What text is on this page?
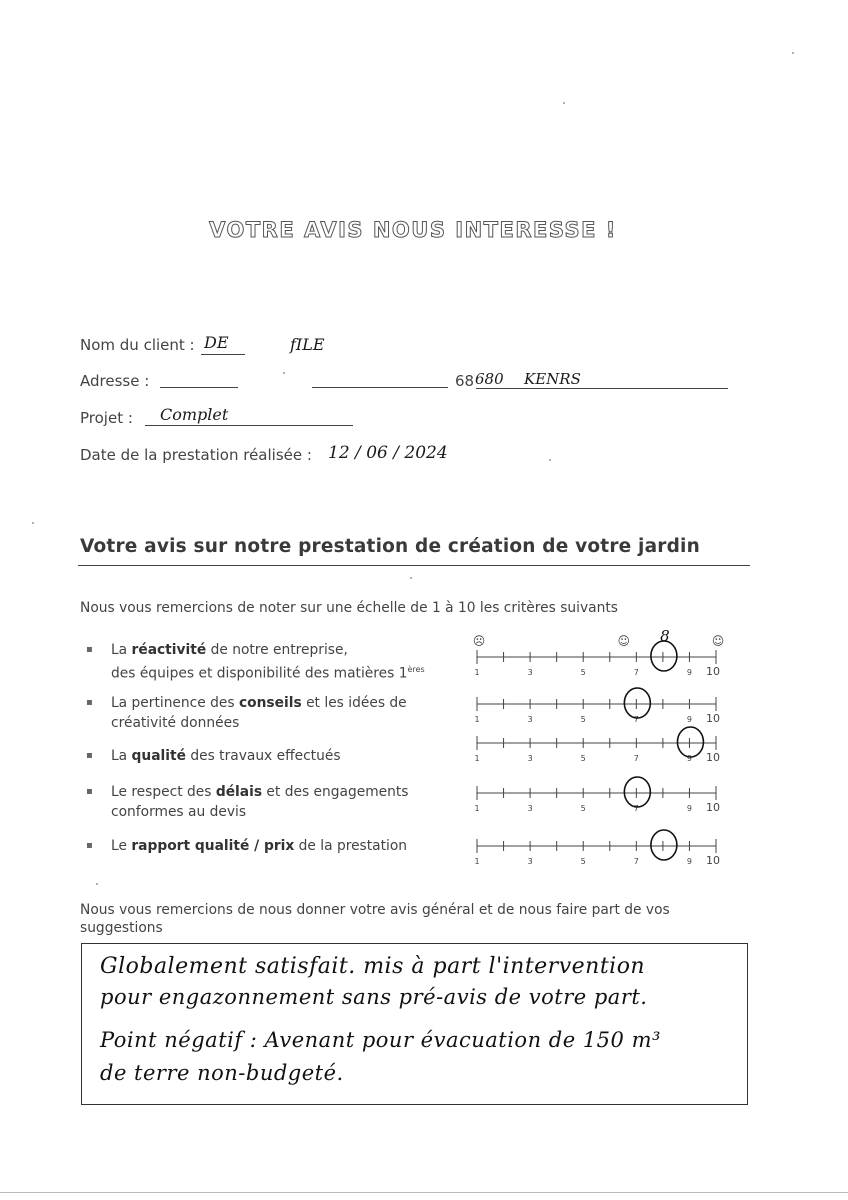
VOTRE AVIS NOUS INTERESSE !
Nom du client : DE	fILE
Adresse :	68 680 KENRS
Projet : Complet
Date de la prestation réalisée : 12 / 06 / 2024
Votre avis sur notre prestation de création de votre jardin
Nous vous remercions de noter sur une échelle de 1 à 10 les critères suivants
▪ La réactivité de notre entreprise,
des équipes et disponibilité des matières 1ères	1	3	5	7	9 10
☹	☺	☺
8
▪ La pertinence des conseils et les idées de
créativité données	1	3	5	7	9 10
▪ La qualité des travaux effectués	1	3	5	7	9 10
▪ Le respect des délais et des engagements
conformes au devis	1	3	5	7	9 10
▪ Le rapport qualité / prix de la prestation
1	3	5	7	9 10
Nous vous remercions de nous donner votre avis général et de nous faire part de vos
suggestions
Globalement satisfait. mis à part l'intervention
pour engazonnement sans pré-avis de votre part.
Point négatif : Avenant pour évacuation de 150 m³
de terre non-budgeté.
